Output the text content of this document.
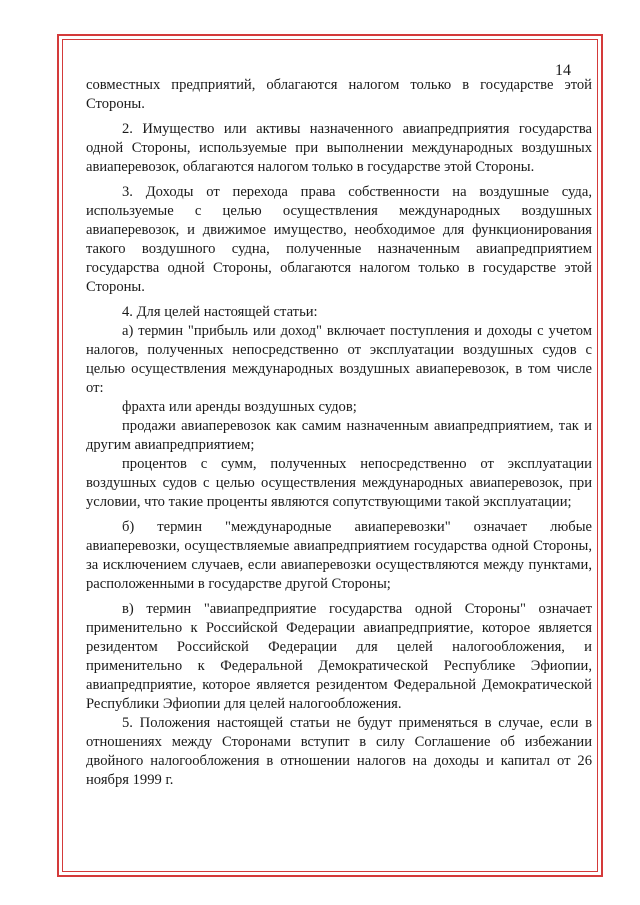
14

совместных предприятий, облагаются налогом только в государстве этой Стороны.

2. Имущество или активы назначенного авиапредприятия государства одной Стороны, используемые при выполнении международных воздушных авиаперевозок, облагаются налогом только в государстве этой Стороны.

3. Доходы от перехода права собственности на воздушные суда, используемые с целью осуществления международных воздушных авиаперевозок, и движимое имущество, необходимое для функционирования такого воздушного судна, полученные назначенным авиапредприятием государства одной Стороны, облагаются налогом только в государстве этой Стороны.

4. Для целей настоящей статьи:

а) термин "прибыль или доход" включает поступления и доходы с учетом налогов, полученных непосредственно от эксплуатации воздушных судов с целью осуществления международных воздушных авиаперевозок, в том числе от:

фрахта или аренды воздушных судов;

продажи авиаперевозок как самим назначенным авиапредприятием, так и другим авиапредприятием;

процентов с сумм, полученных непосредственно от эксплуатации воздушных судов с целью осуществления международных авиаперевозок, при условии, что такие проценты являются сопутствующими такой эксплуатации;

б) термин "международные авиаперевозки" означает любые авиаперевозки, осуществляемые авиапредприятием государства одной Стороны, за исключением случаев, если авиаперевозки осуществляются между пунктами, расположенными в государстве другой Стороны;

в) термин "авиапредприятие государства одной Стороны" означает применительно к Российской Федерации авиапредприятие, которое является резидентом Российской Федерации для целей налогообложения, и применительно к Федеральной Демократической Республике Эфиопии, авиапредприятие, которое является резидентом Федеральной Демократической Республики Эфиопии для целей налогообложения.

5. Положения настоящей статьи не будут применяться в случае, если в отношениях между Сторонами вступит в силу Соглашение об избежании двойного налогообложения в отношении налогов на доходы и капитал от 26 ноября 1999 г.
